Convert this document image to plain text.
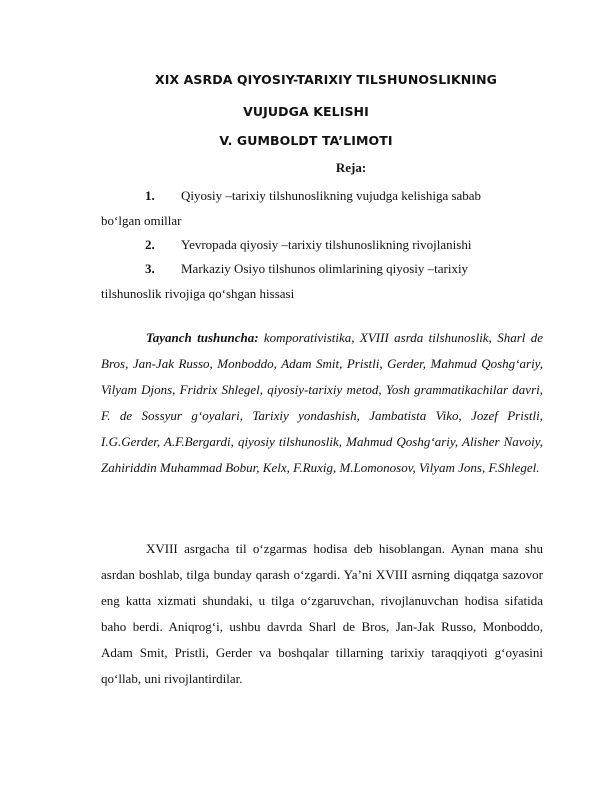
XIX ASRDA QIYOSIY-TARIXIY TILSHUNOSLIKNING
VUJUDGA KELISHI
V. GUMBOLDT TA’LIMOTI
Reja:
1. Qiyosiy –tarixiy tilshunoslikning vujudga kelishiga sabab
bo‘lgan omillar
2. Yevropada qiyosiy –tarixiy tilshunoslikning rivojlanishi
3. Markaziy Osiyo tilshunos olimlarining qiyosiy –tarixiy
tilshunoslik rivojiga qo‘shgan hissasi

Tayanch tushuncha: komporativistika, XVIII asrda tilshunoslik, Sharl de Bros, Jan-Jak Russo, Monboddo, Adam Smit, Pristli, Gerder, Mahmud Qoshg‘ariy, Vilyam Djons, Fridrix Shlegel, qiyosiy-tarixiy metod, Yosh grammatikachilar davri, F. de Sossyur g‘oyalari, Tarixiy yondashish, Jambatista Viko, Jozef Pristli, I.G.Gerder, A.F.Bergardi, qiyosiy tilshunoslik, Mahmud Qoshg‘ariy, Alisher Navoiy, Zahiriddin Muhammad Bobur, Kelx, F.Ruxig, M.Lomonosov, Vilyam Jons, F.Shlegel.

XVIII asrgacha til o‘zgarmas hodisa deb hisoblangan. Aynan mana shu asrdan boshlab, tilga bunday qarash o‘zgardi. Ya’ni XVIII asrning diqqatga sazovor eng katta xizmati shundaki, u tilga o‘zgaruvchan, rivojlanuvchan hodisa sifatida baho berdi. Aniqrog‘i, ushbu davrda Sharl de Bros, Jan-Jak Russo, Monboddo, Adam Smit, Pristli, Gerder va boshqalar tillarning tarixiy taraqqiyoti g‘oyasini qo‘llab, uni rivojlantirdilar.
